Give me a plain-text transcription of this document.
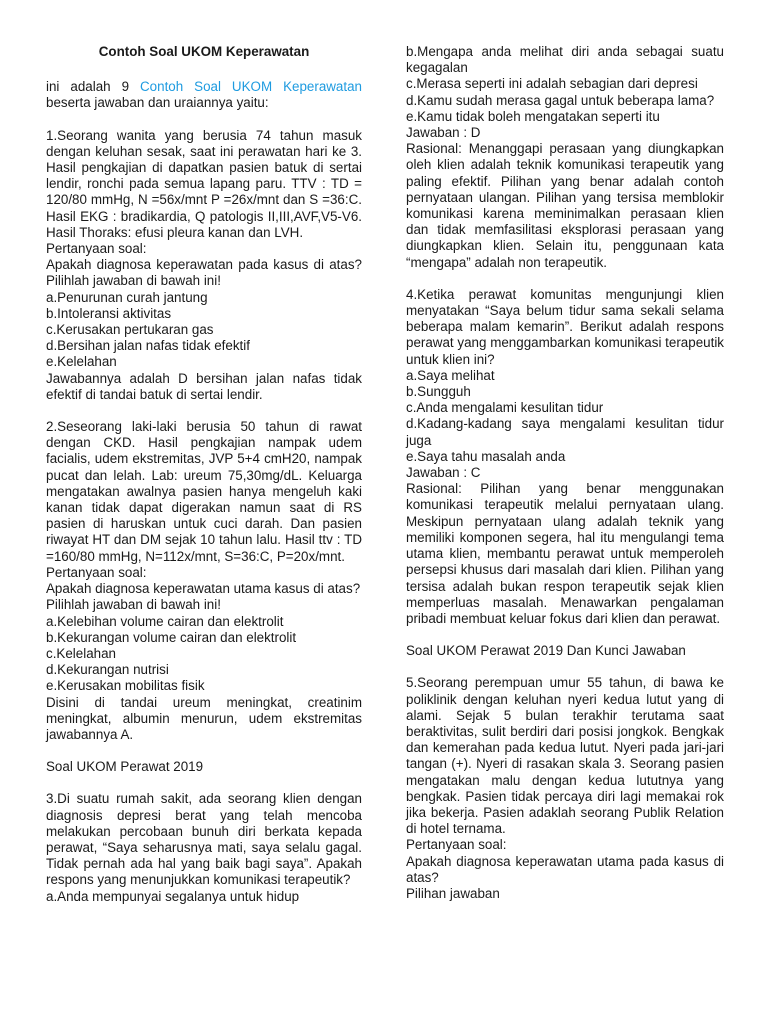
Contoh Soal UKOM Keperawatan

ini adalah 9 Contoh Soal UKOM Keperawatan beserta jawaban dan uraiannya yaitu:

1.Seorang wanita yang berusia 74 tahun masuk dengan keluhan sesak, saat ini perawatan hari ke 3. Hasil pengkajian di dapatkan pasien batuk di sertai lendir, ronchi pada semua lapang paru. TTV : TD = 120/80 mmHg, N =56x/mnt P =26x/mnt dan S =36:C. Hasil EKG : bradikardia, Q patologis II,III,AVF,V5-V6. Hasil Thoraks: efusi pleura kanan dan LVH.

Pertanyaan soal:

Apakah diagnosa keperawatan pada kasus di atas? Pilihlah jawaban di bawah ini!

a.Penurunan curah jantung

b.Intoleransi aktivitas

c.Kerusakan pertukaran gas

d.Bersihan jalan nafas tidak efektif

e.Kelelahan

Jawabannya adalah D bersihan jalan nafas tidak efektif di tandai batuk di sertai lendir.

2.Seseorang laki-laki berusia 50 tahun di rawat dengan CKD. Hasil pengkajian nampak udem facialis, udem ekstremitas, JVP 5+4 cmH20, nampak pucat dan lelah. Lab: ureum 75,30mg/dL. Keluarga mengatakan awalnya pasien hanya mengeluh kaki kanan tidak dapat digerakan namun saat di RS pasien di haruskan untuk cuci darah. Dan pasien riwayat HT dan DM sejak 10 tahun lalu. Hasil ttv : TD =160/80 mmHg, N=112x/mnt, S=36:C, P=20x/mnt.

Pertanyaan soal:

Apakah diagnosa keperawatan utama kasus di atas?

Pilihlah jawaban di bawah ini!

a.Kelebihan volume cairan dan elektrolit

b.Kekurangan volume cairan dan elektrolit

c.Kelelahan

d.Kekurangan nutrisi

e.Kerusakan mobilitas fisik

Disini di tandai ureum meningkat, creatinim meningkat, albumin menurun, udem ekstremitas jawabannya A.

Soal UKOM Perawat 2019

3.Di suatu rumah sakit, ada seorang klien dengan diagnosis depresi berat yang telah mencoba melakukan percobaan bunuh diri berkata kepada perawat, “Saya seharusnya mati, saya selalu gagal. Tidak pernah ada hal yang baik bagi saya”. Apakah respons yang menunjukkan komunikasi terapeutik?

a.Anda mempunyai segalanya untuk hidup

b.Mengapa anda melihat diri anda sebagai suatu kegagalan

c.Merasa seperti ini adalah sebagian dari depresi

d.Kamu sudah merasa gagal untuk beberapa lama?

e.Kamu tidak boleh mengatakan seperti itu

Jawaban : D

Rasional: Menanggapi perasaan yang diungkapkan oleh klien adalah teknik komunikasi terapeutik yang paling efektif. Pilihan yang benar adalah contoh pernyataan ulangan. Pilihan yang tersisa memblokir komunikasi karena meminimalkan perasaan klien dan tidak memfasilitasi eksplorasi perasaan yang diungkapkan klien. Selain itu, penggunaan kata “mengapa” adalah non terapeutik.

4.Ketika perawat komunitas mengunjungi klien menyatakan “Saya belum tidur sama sekali selama beberapa malam kemarin”. Berikut adalah respons perawat yang menggambarkan komunikasi terapeutik untuk klien ini?

a.Saya melihat

b.Sungguh

c.Anda mengalami kesulitan tidur

d.Kadang-kadang saya mengalami kesulitan tidur juga

e.Saya tahu masalah anda

Jawaban : C

Rasional: Pilihan yang benar menggunakan komunikasi terapeutik melalui pernyataan ulang. Meskipun pernyataan ulang adalah teknik yang memiliki komponen segera, hal itu mengulangi tema utama klien, membantu perawat untuk memperoleh persepsi khusus dari masalah dari klien. Pilihan yang tersisa adalah bukan respon terapeutik sejak klien memperluas masalah. Menawarkan pengalaman pribadi membuat keluar fokus dari klien dan perawat.

Soal UKOM Perawat 2019 Dan Kunci Jawaban

5.Seorang perempuan umur 55 tahun, di bawa ke poliklinik dengan keluhan nyeri kedua lutut yang di alami. Sejak 5 bulan terakhir terutama saat beraktivitas, sulit berdiri dari posisi jongkok. Bengkak dan kemerahan pada kedua lutut. Nyeri pada jari-jari tangan (+). Nyeri di rasakan skala 3. Seorang pasien mengatakan malu dengan kedua lututnya yang bengkak. Pasien tidak percaya diri lagi memakai rok jika bekerja. Pasien adaklah seorang Publik Relation di hotel ternama.

Pertanyaan soal:

Apakah diagnosa keperawatan utama pada kasus di atas?

Pilihan jawaban
